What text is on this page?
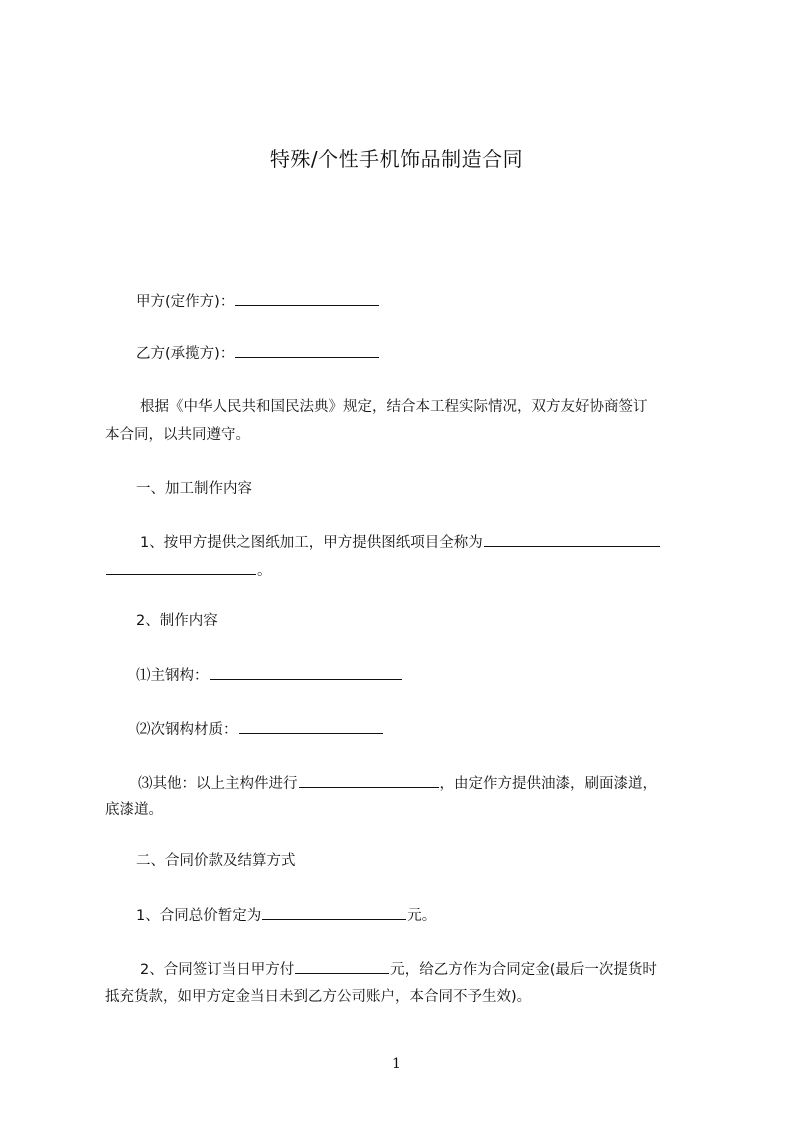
特殊/个性手机饰品制造合同
甲方(定作方)：
乙方(承揽方)：
根据《中华人民共和国民法典》规定，结合本工程实际情况，双方友好协商签订
本合同，以共同遵守。
一、加工制作内容
1、按甲方提供之图纸加工，甲方提供图纸项目全称为
。
2、制作内容
⑴主钢构：
⑵次钢构材质：
⑶其他：以上主构件进行	，由定作方提供油漆，刷面漆道，
底漆道。
二、合同价款及结算方式
1、合同总价暂定为	元。
2、合同签订当日甲方付	元，给乙方作为合同定金(最后一次提货时
抵充货款，如甲方定金当日未到乙方公司账户，本合同不予生效)。
1
